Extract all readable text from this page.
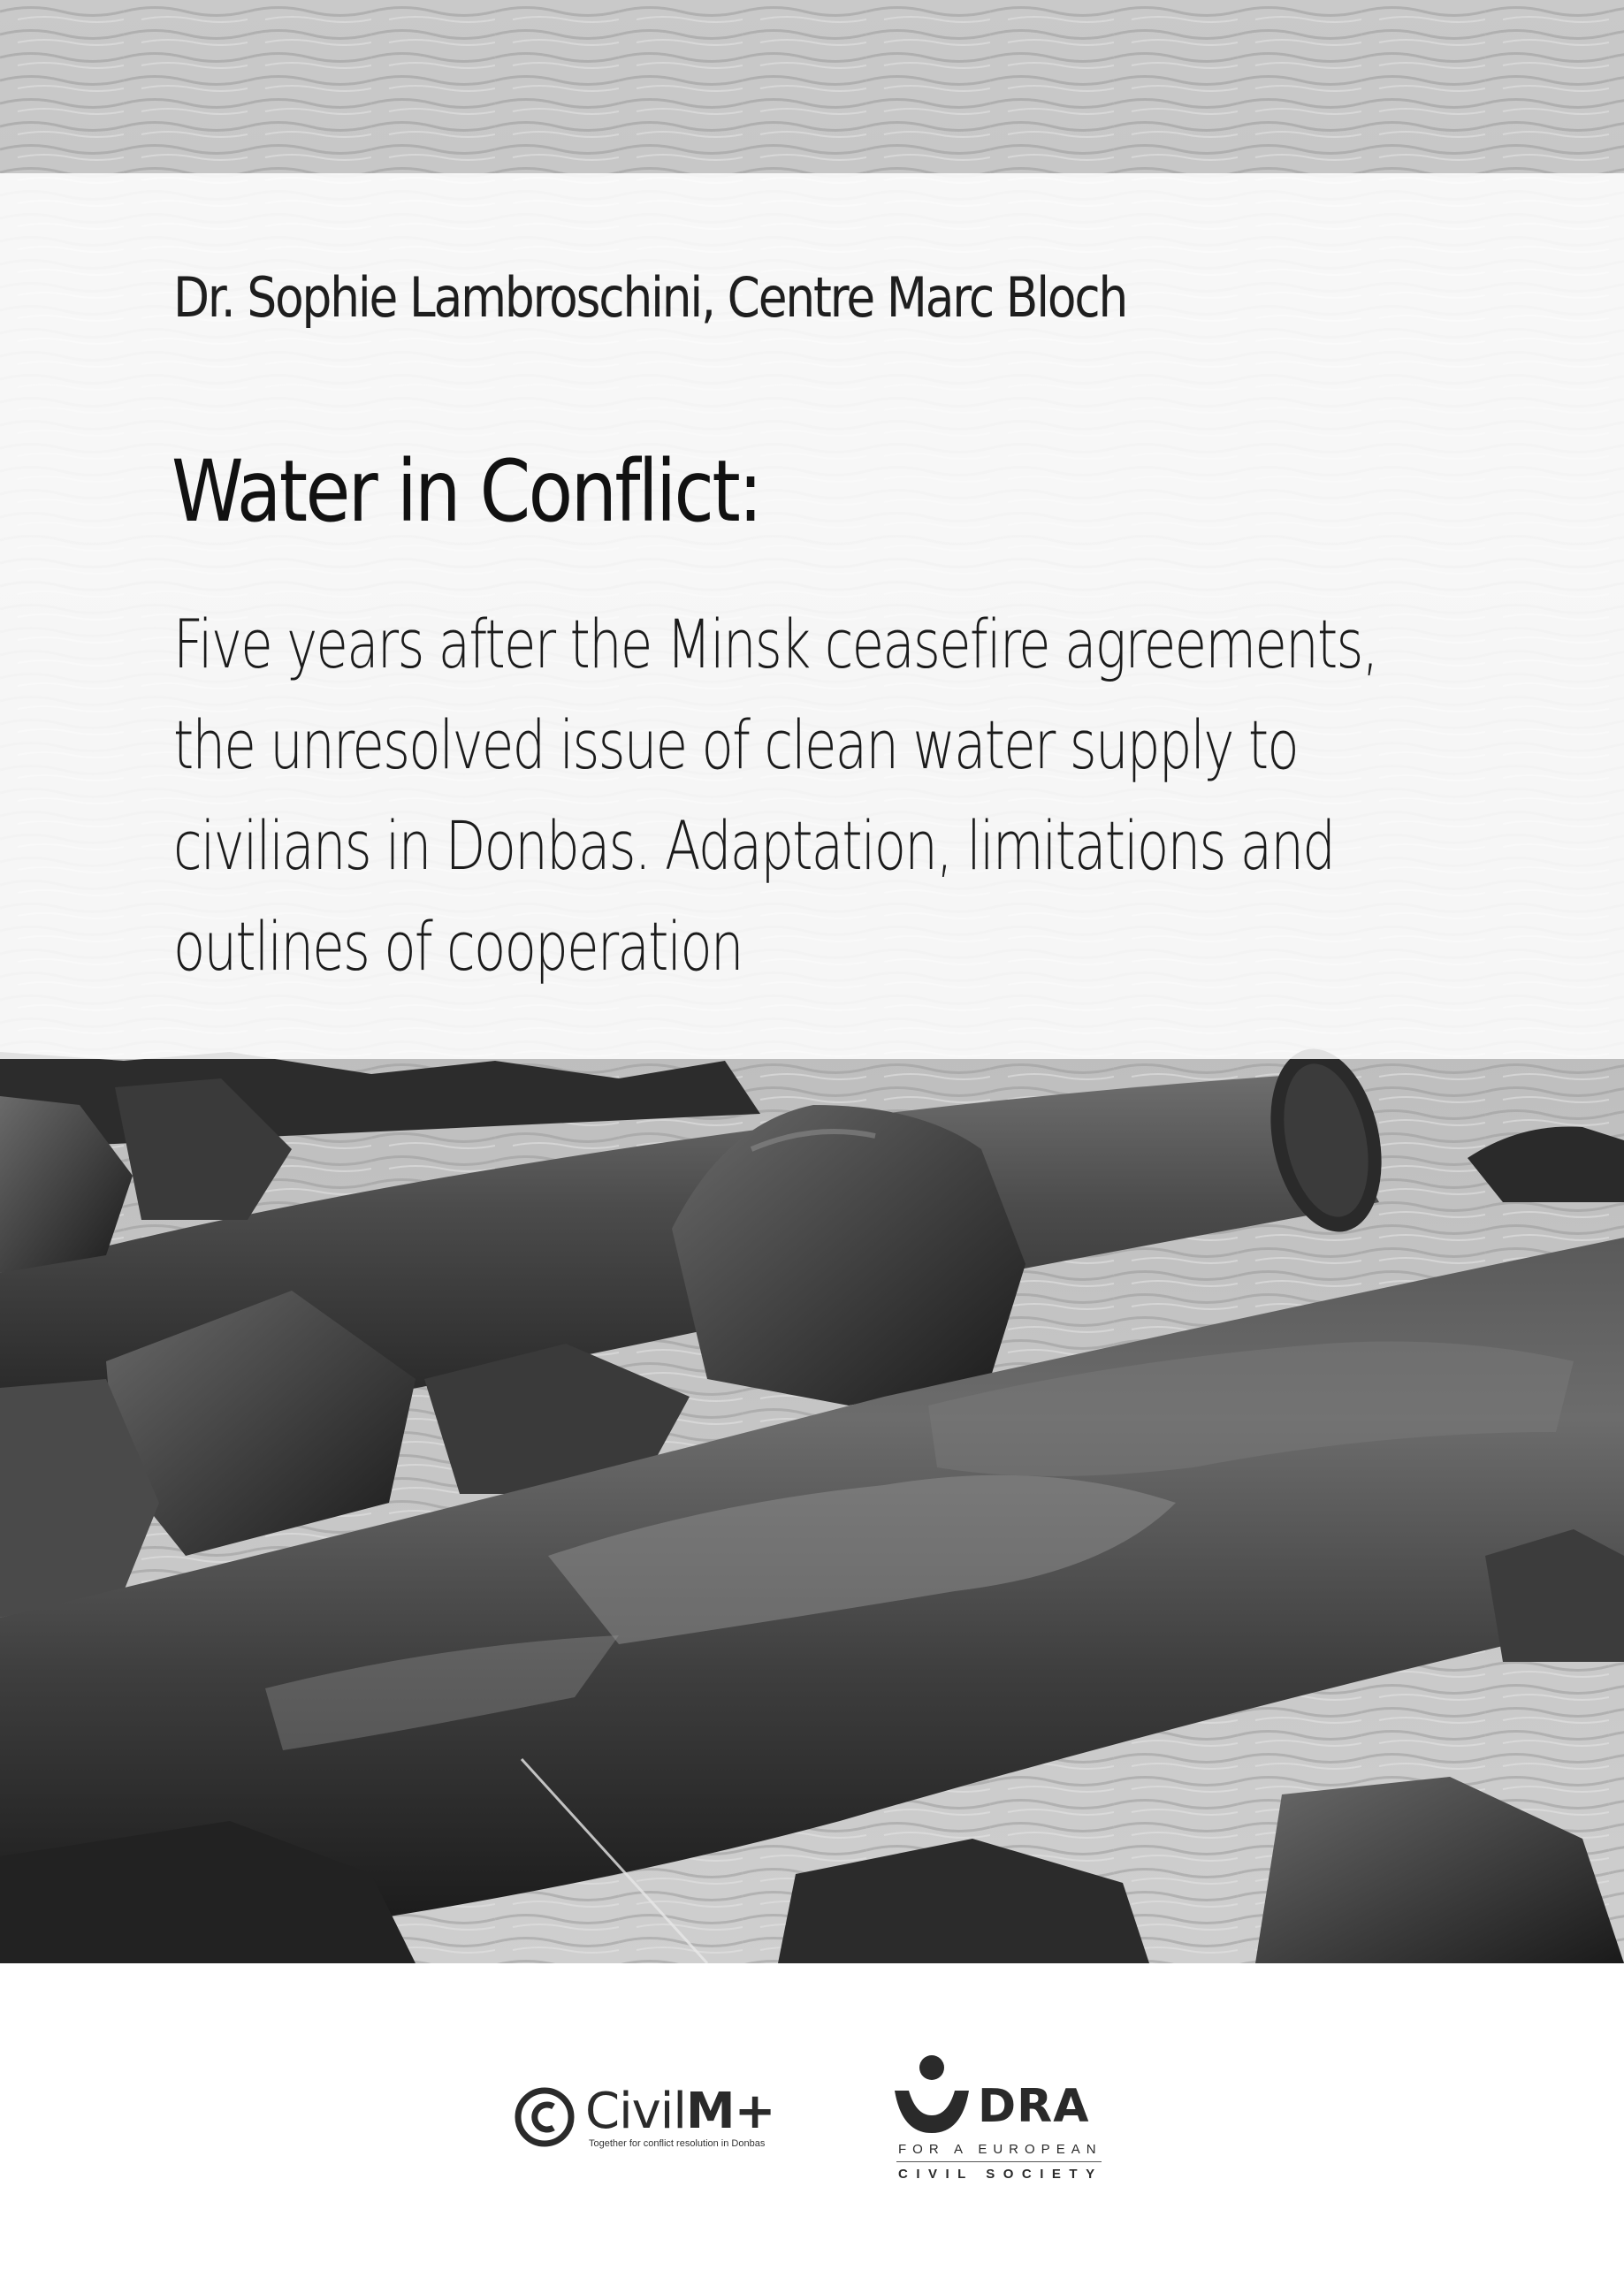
Dr. Sophie Lambroschini, Centre Marc Bloch

Water in Conflict:

Five years after the Minsk ceasefire agreements,
the unresolved issue of clean water supply to
civilians in Donbas. Adaptation, limitations and
outlines of cooperation

CivilM+
Together for conflict resolution in Donbas
DRA
FOR A EUROPEAN
CIVIL SOCIETY
